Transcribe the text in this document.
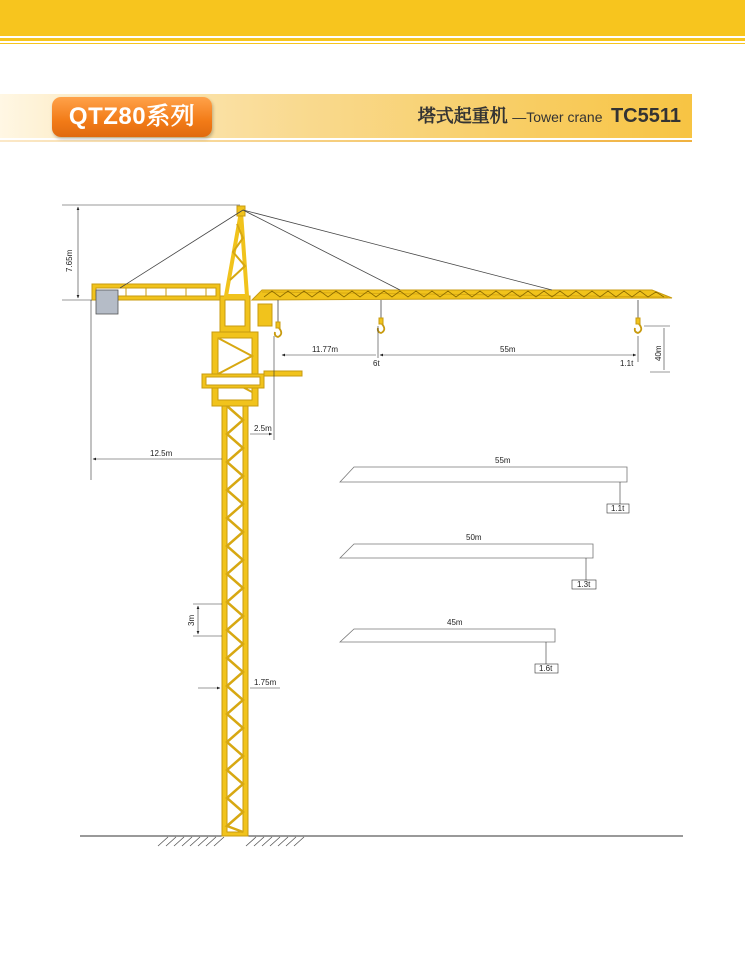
QTZ80系列	塔式起重机 —Tower crane TC5511
7.65m
55m
6t	1.1t
11.77m	40m
2.5m
12.5m
3m
1.75m
55m
1.1t
50m
1.3t
45m
1.6t
